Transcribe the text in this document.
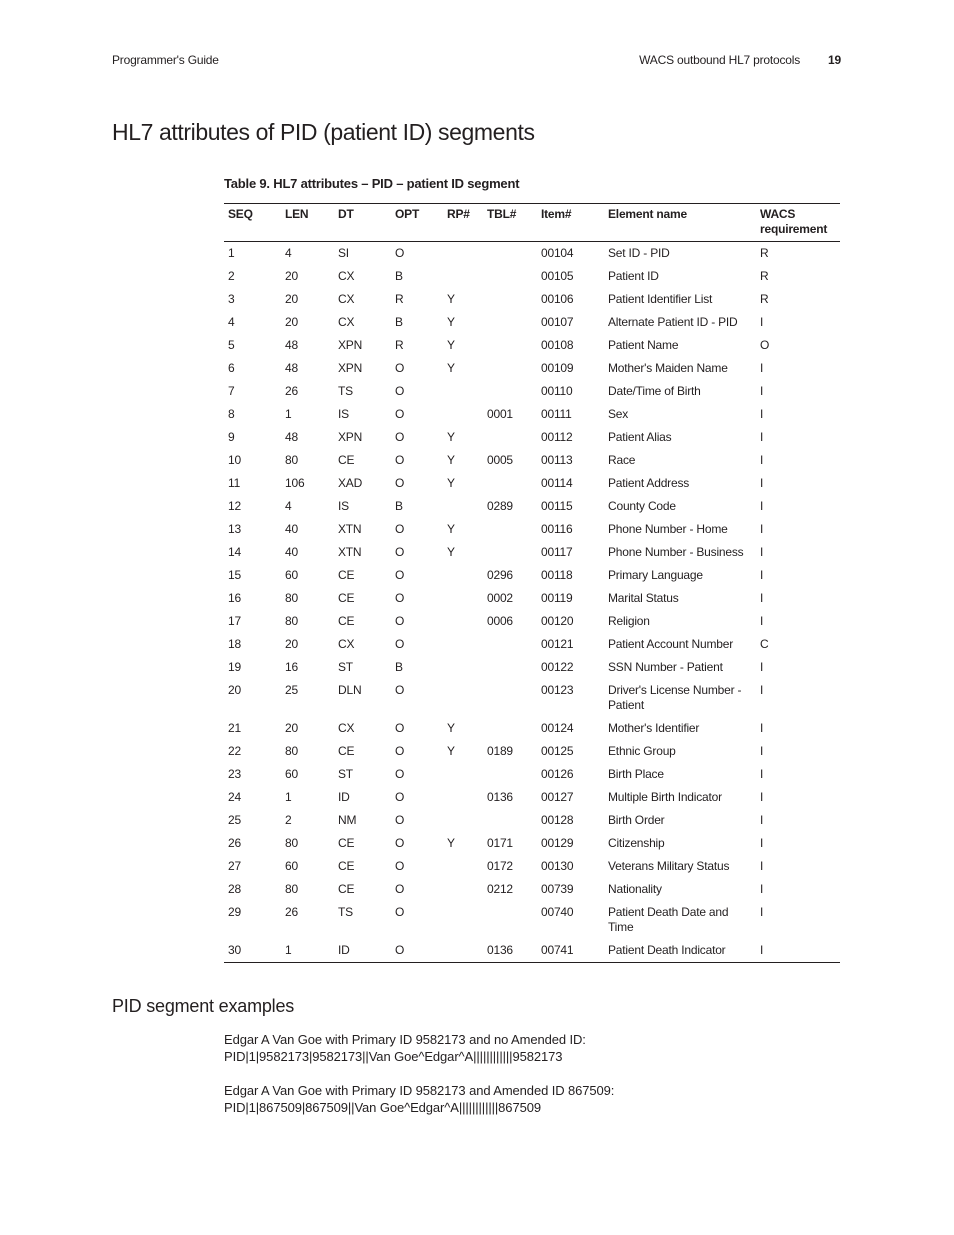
Programmer's Guide	WACS outbound HL7 protocols 19
HL7 attributes of PID (patient ID) segments
Table 9. HL7 attributes – PID – patient ID segment
SEQ	LEN	DT	OPT	RP#	TBL#	Item#	Element name	WACS requirement
1	4	SI	O			00104	Set ID - PID	R
2	20	CX	B			00105	Patient ID	R
3	20	CX	R	Y		00106	Patient Identifier List	R
4	20	CX	B	Y		00107	Alternate Patient ID - PID	I
5	48	XPN	R	Y		00108	Patient Name	O
6	48	XPN	O	Y		00109	Mother's Maiden Name	I
7	26	TS	O			00110	Date/Time of Birth	I
8	1	IS	O		0001	00111	Sex	I
9	48	XPN	O	Y		00112	Patient Alias	I
10	80	CE	O	Y	0005	00113	Race	I
11	106	XAD	O	Y		00114	Patient Address	I
12	4	IS	B		0289	00115	County Code	I
13	40	XTN	O	Y		00116	Phone Number - Home	I
14	40	XTN	O	Y		00117	Phone Number - Business	I
15	60	CE	O		0296	00118	Primary Language	I
16	80	CE	O		0002	00119	Marital Status	I
17	80	CE	O		0006	00120	Religion	I
18	20	CX	O			00121	Patient Account Number	C
19	16	ST	B			00122	SSN Number - Patient	I
20	25	DLN	O			00123	Driver's License Number - Patient	I
21	20	CX	O	Y		00124	Mother's Identifier	I
22	80	CE	O	Y	0189	00125	Ethnic Group	I
23	60	ST	O			00126	Birth Place	I
24	1	ID	O		0136	00127	Multiple Birth Indicator	I
25	2	NM	O			00128	Birth Order	I
26	80	CE	O	Y	0171	00129	Citizenship	I
27	60	CE	O		0172	00130	Veterans Military Status	I
28	80	CE	O		0212	00739	Nationality	I
29	26	TS	O			00740	Patient Death Date and Time	I
30	1	ID	O		0136	00741	Patient Death Indicator	I
PID segment examples

Edgar A Van Goe with Primary ID 9582173 and no Amended ID:

PID|1|9582173|9582173||Van Goe^Edgar^A||||||||||||9582173

Edgar A Van Goe with Primary ID 9582173 and Amended ID 867509:

PID|1|867509|867509||Van Goe^Edgar^A||||||||||||867509
